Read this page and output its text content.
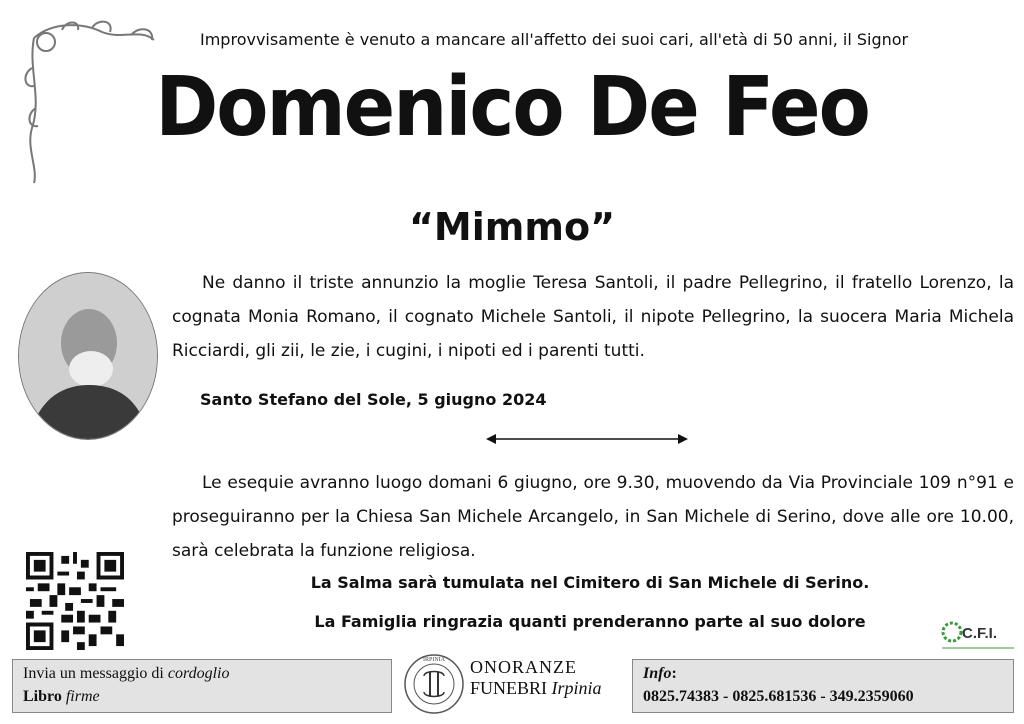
Improvvisamente è venuto a mancare all'affetto dei suoi cari, all'età di 50 anni, il Signor
Domenico De Feo
“Mimmo”
Ne danno il triste annunzio la moglie Teresa Santoli, il padre Pellegrino, il fratello Lorenzo, la cognata Monia Romano, il cognato Michele Santoli, il nipote Pellegrino, la suocera Maria Michela Ricciardi, gli zii, le zie, i cugini, i nipoti ed i parenti tutti.
Santo Stefano del Sole, 5 giugno 2024
Le esequie avranno luogo domani 6 giugno, ore 9.30, muovendo da Via Provinciale 109 n°91 e proseguiranno per la Chiesa San Michele Arcangelo, in San Michele di Serino, dove alle ore 10.00, sarà celebrata la funzione religiosa.
La Salma sarà tumulata nel Cimitero di San Michele di Serino.
La Famiglia ringrazia quanti prenderanno parte al suo dolore
C.F.I.
Invia un messaggio di cordoglio
Libro firme
IRPINIA ONORANZE
FUNEBRI Irpinia
Info:
0825.74383 - 0825.681536 - 349.2359060
